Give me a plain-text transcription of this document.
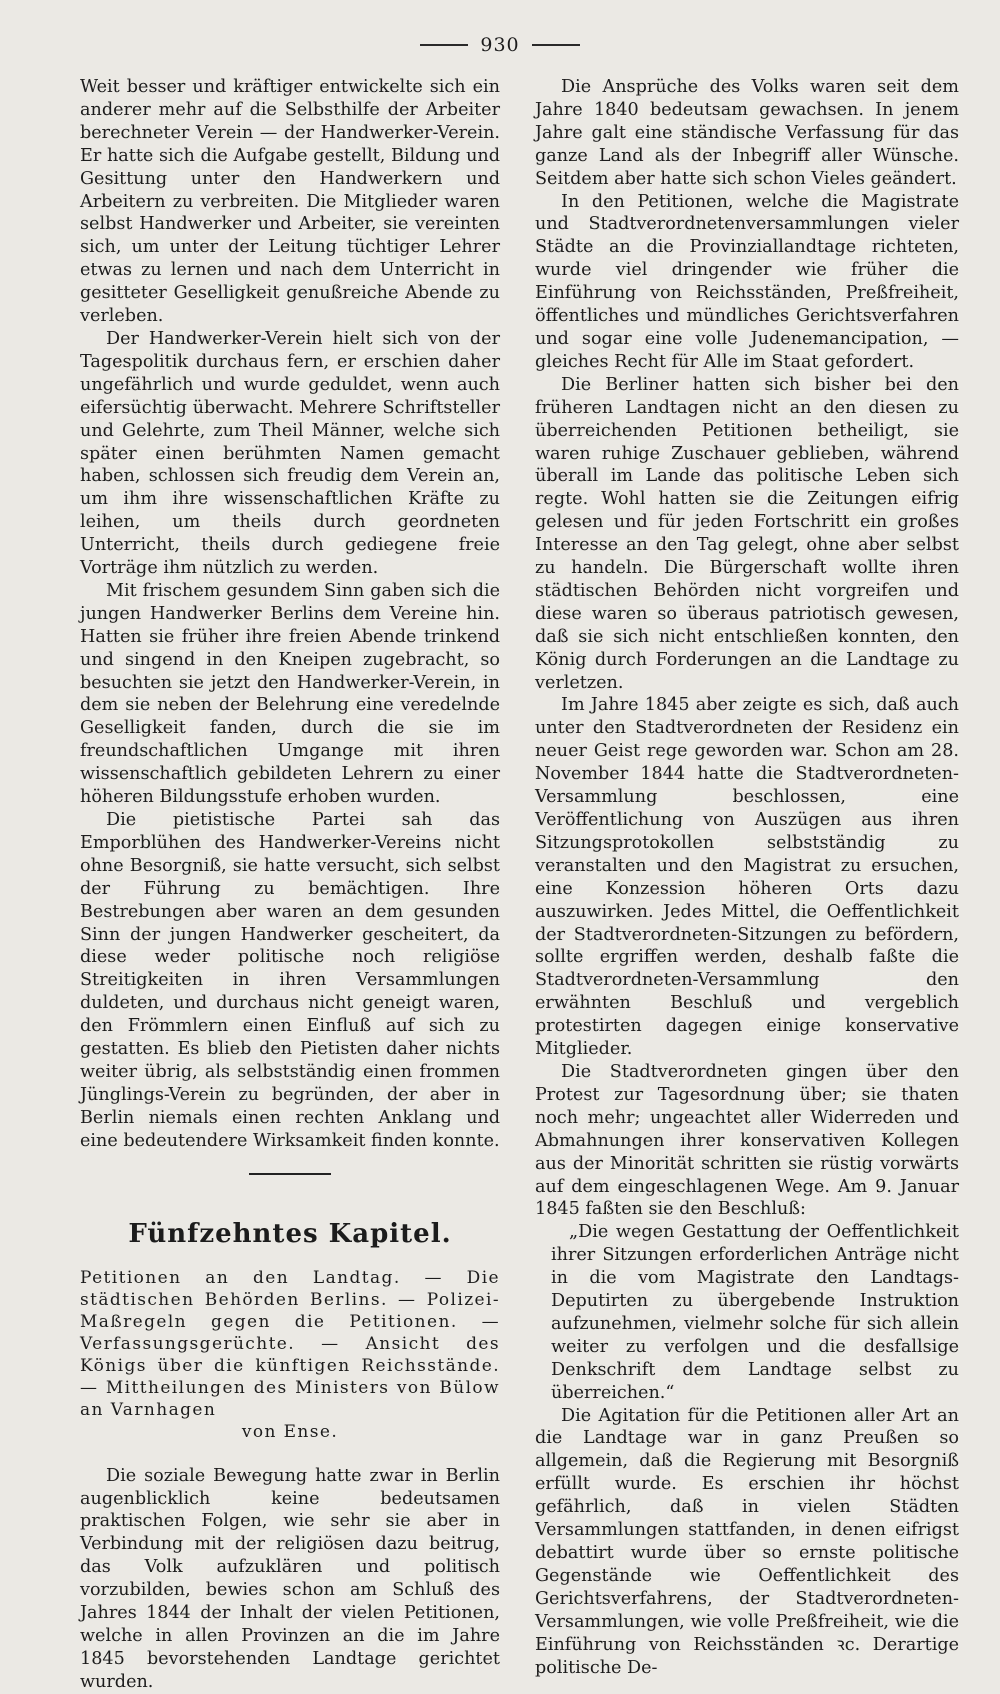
930

Weit besser und kräftiger entwickelte sich ein anderer mehr auf die Selbsthilfe der Arbeiter berechneter Verein — der Handwerker-Verein. Er hatte sich die Aufgabe gestellt, Bildung und Gesittung unter den Handwerkern und Arbeitern zu verbreiten. Die Mitglieder waren selbst Handwerker und Arbeiter, sie vereinten sich, um unter der Leitung tüchtiger Lehrer etwas zu lernen und nach dem Unterricht in gesitteter Geselligkeit genußreiche Abende zu verleben.

Der Handwerker-Verein hielt sich von der Tagespolitik durchaus fern, er erschien daher ungefährlich und wurde geduldet, wenn auch eifersüchtig überwacht. Mehrere Schriftsteller und Gelehrte, zum Theil Männer, welche sich später einen berühmten Namen gemacht haben, schlossen sich freudig dem Verein an, um ihm ihre wissenschaftlichen Kräfte zu leihen, um theils durch geordneten Unterricht, theils durch gediegene freie Vorträge ihm nützlich zu werden.

Mit frischem gesundem Sinn gaben sich die jungen Handwerker Berlins dem Vereine hin. Hatten sie früher ihre freien Abende trinkend und singend in den Kneipen zugebracht, so besuchten sie jetzt den Handwerker-Verein, in dem sie neben der Belehrung eine veredelnde Geselligkeit fanden, durch die sie im freundschaftlichen Umgange mit ihren wissenschaftlich gebildeten Lehrern zu einer höheren Bildungsstufe erhoben wurden.

Die pietistische Partei sah das Emporblühen des Handwerker-Vereins nicht ohne Besorgniß, sie hatte versucht, sich selbst der Führung zu bemächtigen. Ihre Bestrebungen aber waren an dem gesunden Sinn der jungen Handwerker gescheitert, da diese weder politische noch religiöse Streitigkeiten in ihren Versammlungen duldeten, und durchaus nicht geneigt waren, den Frömmlern einen Einfluß auf sich zu gestatten. Es blieb den Pietisten daher nichts weiter übrig, als selbstständig einen frommen Jünglings-Verein zu begründen, der aber in Berlin niemals einen rechten Anklang und eine bedeutendere Wirksamkeit finden konnte.

Fünfzehntes Kapitel.
Petitionen an den Landtag. — Die städtischen Behörden Berlins. — Polizei-Maßregeln gegen die Petitionen. — Verfassungsgerüchte. — Ansicht des Königs über die künftigen Reichsstände. — Mittheilungen des Ministers von Bülow an Varnhagen
von Ense.

Die soziale Bewegung hatte zwar in Berlin augenblicklich keine bedeutsamen praktischen Folgen, wie sehr sie aber in Verbindung mit der religiösen dazu beitrug, das Volk aufzuklären und politisch vorzubilden, bewies schon am Schluß des Jahres 1844 der Inhalt der vielen Petitionen, welche in allen Provinzen an die im Jahre 1845 bevorstehenden Landtage gerichtet wurden.

Die Ansprüche des Volks waren seit dem Jahre 1840 bedeutsam gewachsen. In jenem Jahre galt eine ständische Verfassung für das ganze Land als der Inbegriff aller Wünsche. Seitdem aber hatte sich schon Vieles geändert.

In den Petitionen, welche die Magistrate und Stadtverordnetenversammlungen vieler Städte an die Provinziallandtage richteten, wurde viel dringender wie früher die Einführung von Reichsständen, Preßfreiheit, öffentliches und mündliches Gerichtsverfahren und sogar eine volle Judenemancipation, — gleiches Recht für Alle im Staat gefordert.

Die Berliner hatten sich bisher bei den früheren Landtagen nicht an den diesen zu überreichenden Petitionen betheiligt, sie waren ruhige Zuschauer geblieben, während überall im Lande das politische Leben sich regte. Wohl hatten sie die Zeitungen eifrig gelesen und für jeden Fortschritt ein großes Interesse an den Tag gelegt, ohne aber selbst zu handeln. Die Bürgerschaft wollte ihren städtischen Behörden nicht vorgreifen und diese waren so überaus patriotisch gewesen, daß sie sich nicht entschließen konnten, den König durch Forderungen an die Landtage zu verletzen.

Im Jahre 1845 aber zeigte es sich, daß auch unter den Stadtverordneten der Residenz ein neuer Geist rege geworden war. Schon am 28. November 1844 hatte die Stadtverordneten-Versammlung beschlossen, eine Veröffentlichung von Auszügen aus ihren Sitzungsprotokollen selbstständig zu veranstalten und den Magistrat zu ersuchen, eine Konzession höheren Orts dazu auszuwirken. Jedes Mittel, die Oeffentlichkeit der Stadtverordneten-Sitzungen zu befördern, sollte ergriffen werden, deshalb faßte die Stadtverordneten-Versammlung den erwähnten Beschluß und vergeblich protestirten dagegen einige konservative Mitglieder.

Die Stadtverordneten gingen über den Protest zur Tagesordnung über; sie thaten noch mehr; ungeachtet aller Widerreden und Abmahnungen ihrer konservativen Kollegen aus der Minorität schritten sie rüstig vorwärts auf dem eingeschlagenen Wege. Am 9. Januar 1845 faßten sie den Beschluß:

„Die wegen Gestattung der Oeffentlichkeit ihrer Sitzungen erforderlichen Anträge nicht in die vom Magistrate den Landtags-Deputirten zu übergebende Instruktion aufzunehmen, vielmehr solche für sich allein weiter zu verfolgen und die desfallsige Denkschrift dem Landtage selbst zu überreichen.“

Die Agitation für die Petitionen aller Art an die Landtage war in ganz Preußen so allgemein, daß die Regierung mit Besorgniß erfüllt wurde. Es erschien ihr höchst gefährlich, daß in vielen Städten Versammlungen stattfanden, in denen eifrigst debattirt wurde über so ernste politische Gegenstände wie Oeffentlichkeit des Gerichtsverfahrens, der Stadtverordneten-Versammlungen, wie volle Preßfreiheit, wie die Einführung von Reichsständen ꝛc. Derartige politische De-
